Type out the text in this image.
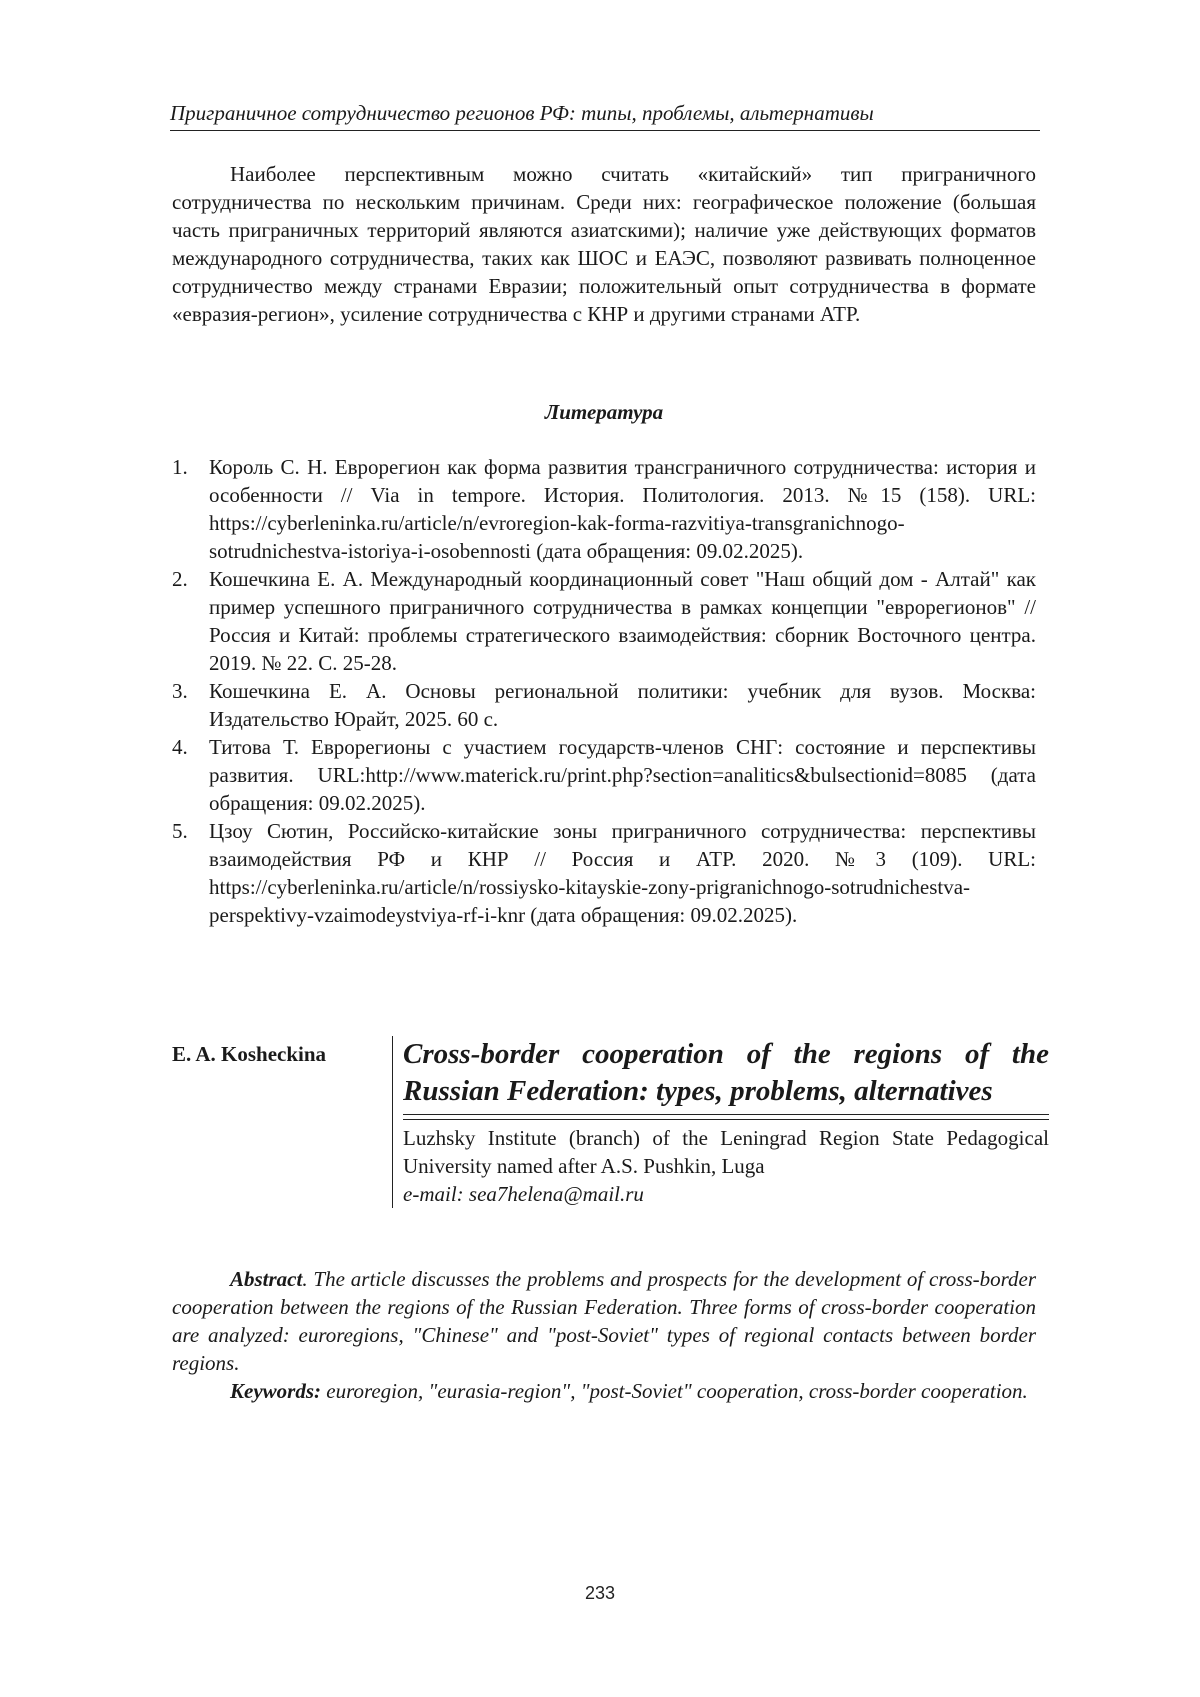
Приграничное сотрудничество регионов РФ: типы, проблемы, альтернативы

Наиболее перспективным можно считать «китайский» тип приграничного сотрудничества по нескольким причинам. Среди них: географическое положение (большая часть приграничных территорий являются азиатскими); наличие уже действующих форматов международного сотрудничества, таких как ШОС и ЕАЭС, позволяют развивать полноценное сотрудничество между странами Евразии; положительный опыт сотрудничества в формате «евразия-регион», усиление сотрудничества с КНР и другими странами АТР.

Литература
1. Король С. Н. Еврорегион как форма развития трансграничного сотрудничества: история и особенности // Via in tempore. История. Политология. 2013. №15 (158). URL: https://cyberleninka.ru/article/n/evroregion-kak-forma-razvitiya-transgranichnogo-sotrudnichestva-istoriya-i-osobennosti (дата обращения: 09.02.2025).
2. Кошечкина Е. А. Международный координационный совет "Наш общий дом - Алтай" как пример успешного приграничного сотрудничества в рамках концепции "еврорегионов" // Россия и Китай: проблемы стратегического взаимодействия: сборник Восточного центра. 2019. № 22. С. 25-28.
3. Кошечкина Е. А. Основы региональной политики: учебник для вузов. Москва: Издательство Юрайт, 2025. 60 с.
4. Титова Т. Еврорегионы с участием государств-членов СНГ: состояние и перспективы развития. URL:http://www.materick.ru/print.php?section=analitics&bulsectionid=8085 (дата обращения: 09.02.2025).
5. Цзоу Сютин, Российско-китайские зоны приграничного сотрудничества: перспективы взаимодействия РФ и КНР // Россия и АТР. 2020. №3 (109). URL: https://cyberleninka.ru/article/n/rossiysko-kitayskie-zony-prigranichnogo-sotrudnichestva-perspektivy-vzaimodeystviya-rf-i-knr (дата обращения: 09.02.2025).
E. A. Kosheckina	Cross-border cooperation of the regions of the Russian Federation: types, problems, alternatives

Luzhsky Institute (branch) of the Leningrad Region State Pedagogical University named after A.S. Pushkin, Luga
e-mail: sea7helena@mail.ru

Abstract. The article discusses the problems and prospects for the development of cross-border cooperation between the regions of the Russian Federation. Three forms of cross-border cooperation are analyzed: euroregions, "Chinese" and "post-Soviet" types of regional contacts between border regions.

Keywords: euroregion, "eurasia-region", "post-Soviet" cooperation, cross-border cooperation.

233
